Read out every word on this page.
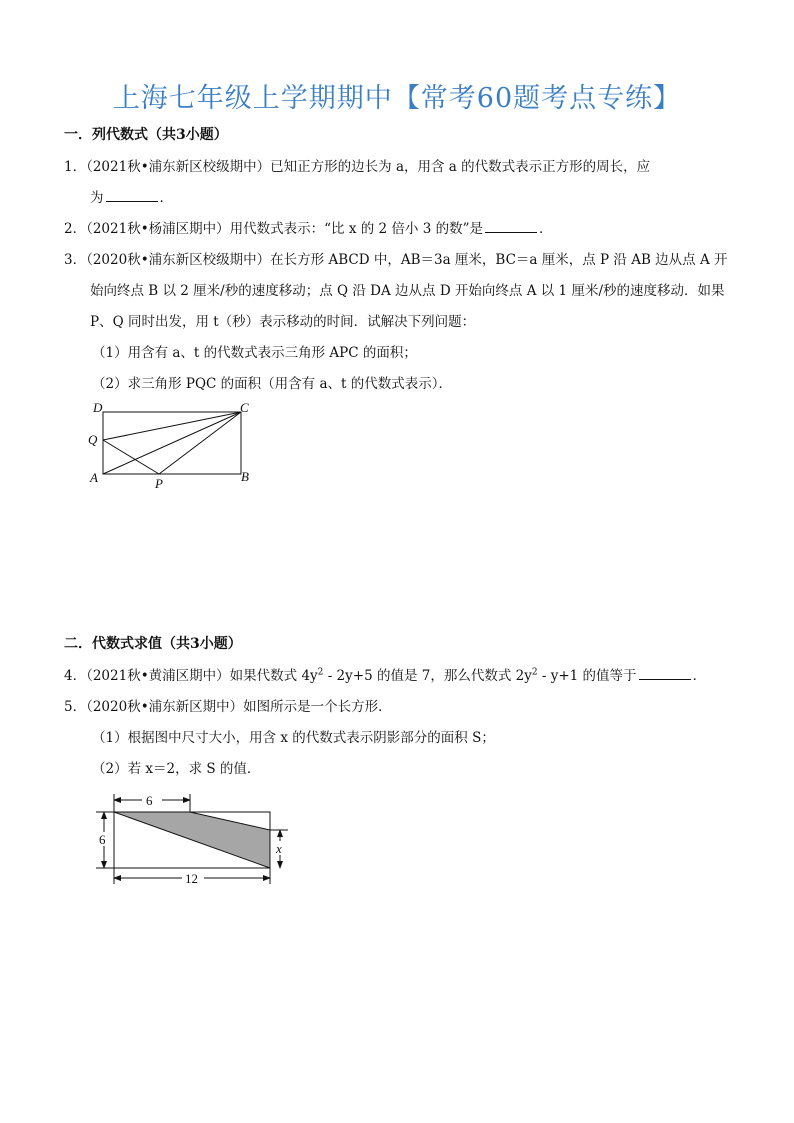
上海七年级上学期期中【常考60题考点专练】
一．列代数式（共3小题）
1．（2021秋•浦东新区校级期中）已知正方形的边长为 a，用含 a 的代数式表示正方形的周长，应
为	．
2．（2021秋•杨浦区期中）用代数式表示：“比 x 的 2 倍小 3 的数”是	．
3．（2020秋•浦东新区校级期中）在长方形 ABCD 中，AB＝3a 厘米，BC＝a 厘米，点 P 沿 AB 边从点 A 开
始向终点 B 以 2 厘米/秒的速度移动；点 Q 沿 DA 边从点 D 开始向终点 A 以 1 厘米/秒的速度移动．如果
P、Q 同时出发，用 t（秒）表示移动的时间．试解决下列问题：
（1）用含有 a、t 的代数式表示三角形 APC 的面积；
（2）求三角形 PQC 的面积（用含有 a、t 的代数式表示）．
D	C
Q
A	P	B
二．代数式求值（共3小题）
4．（2021秋•黄浦区期中）如果代数式 $4y^2 - 2y+5$ 的值是 7，那么代数式 $2y^2 - y+1$ 的值等于	．
5．（2020秋•浦东新区期中）如图所示是一个长方形．
（1）根据图中尺寸大小，用含 x 的代数式表示阴影部分的面积 S；
（2）若 x＝2，求 S 的值．
6
6
x
12
